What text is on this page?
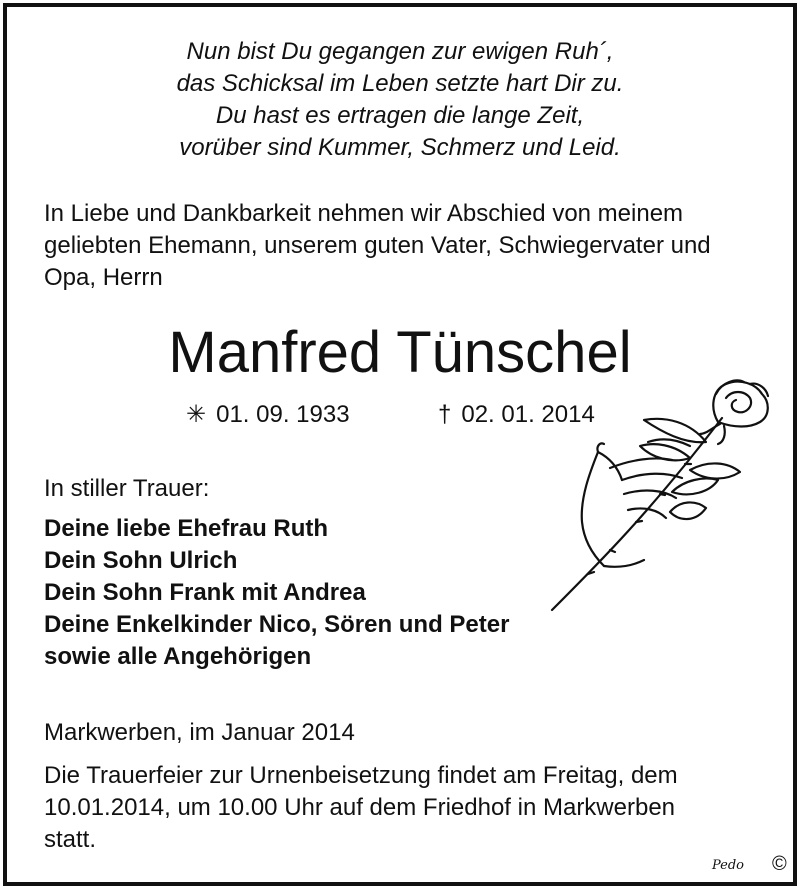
Nun bist Du gegangen zur ewigen Ruh´,
das Schicksal im Leben setzte hart Dir zu.
Du hast es ertragen die lange Zeit,
vorüber sind Kummer, Schmerz und Leid.
In Liebe und Dankbarkeit nehmen wir Abschied von meinem
geliebten Ehemann, unserem guten Vater, Schwiegervater und
Opa, Herrn
Manfred Tünschel
✳ 01. 09. 1933	† 02. 01. 2014
In stiller Trauer:
Deine liebe Ehefrau Ruth
Dein Sohn Ulrich
Dein Sohn Frank mit Andrea
Deine Enkelkinder Nico, Sören und Peter
sowie alle Angehörigen
Markwerben, im Januar 2014
Die Trauerfeier zur Urnenbeisetzung findet am Freitag, dem
10.01.2014, um 10.00 Uhr auf dem Friedhof in Markwerben
statt.
Pedo ©
